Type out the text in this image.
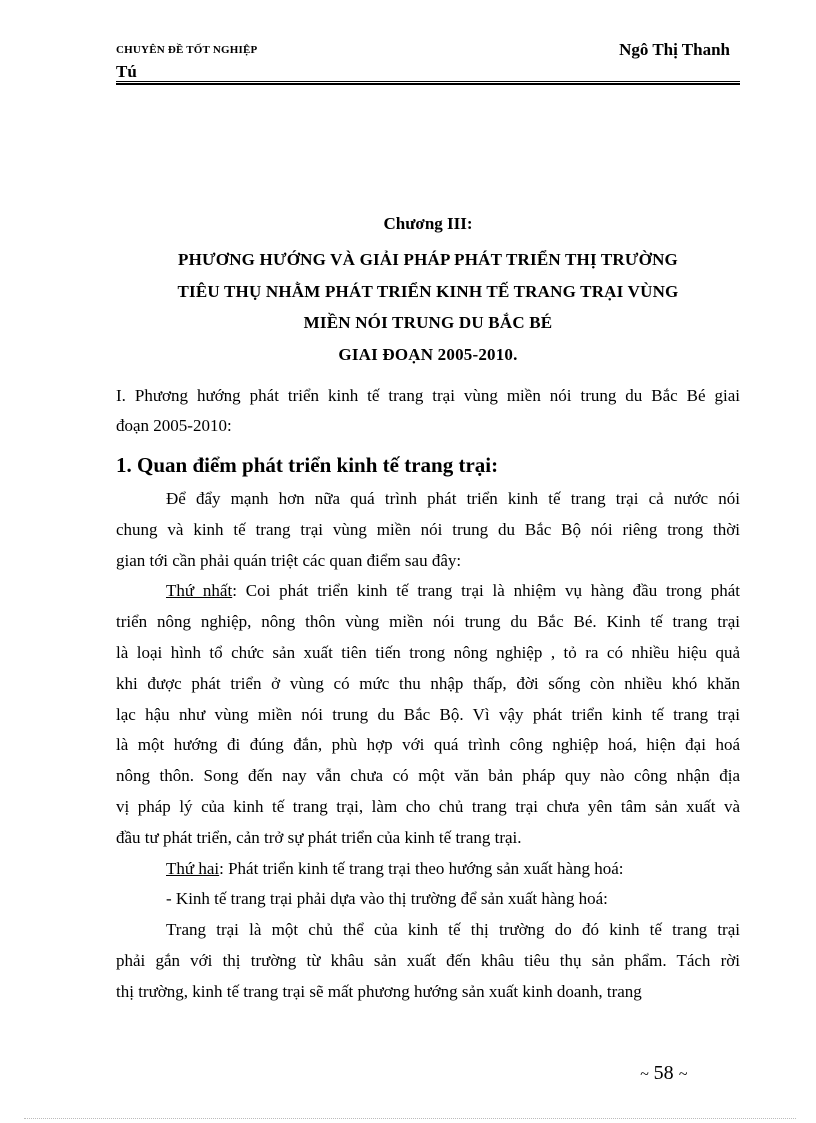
CHUYÊN ĐỀ TỐT NGHIỆP	Ngô Thị Thanh
Tú
Chương III:
PHƯƠNG HƯỚNG VÀ GIẢI PHÁP PHÁT TRIỂN THỊ TRƯỜNG
TIÊU THỤ NHẰM PHÁT TRIỂN KINH TẾ TRANG TRẠI VÙNG
MIỀN NÓI TRUNG DU BẮC BÉ
GIAI ĐOẠN 2005-2010.
I. Phương hướng phát triển kinh tế trang trại vùng miền nói trung du Bắc Bé giai
đoạn 2005-2010:
1. Quan điểm phát triển kinh tế trang trại:
Để đẩy mạnh hơn nữa quá trình phát triển kinh tế trang trại cả nước nói
chung và kinh tế trang trại vùng miền nói trung du Bắc Bộ nói riêng trong thời
gian tới cần phải quán triệt các quan điểm sau đây:
Thứ nhất: Coi phát triển kinh tế trang trại là nhiệm vụ hàng đầu trong phát
triển nông nghiệp, nông thôn vùng miền nói trung du Bắc Bé. Kinh tế trang trại
là loại hình tổ chức sản xuất tiên tiến trong nông nghiệp , tỏ ra có nhiều hiệu quả
khi được phát triển ở vùng có mức thu nhập thấp, đời sống còn nhiều khó khăn
lạc hậu như vùng miền nói trung du Bắc Bộ. Vì vậy phát triển kinh tế trang trại
là một hướng đi đúng đắn, phù hợp với quá trình công nghiệp hoá, hiện đại hoá
nông thôn. Song đến nay vẫn chưa có một văn bản pháp quy nào công nhận địa
vị pháp lý của kinh tế trang trại, làm cho chủ trang trại chưa yên tâm sản xuất và
đầu tư phát triển, cản trở sự phát triển của kinh tế trang trại.
Thứ hai: Phát triển kinh tế trang trại theo hướng sản xuất hàng hoá:
- Kinh tế trang trại phải dựa vào thị trường để sản xuất hàng hoá:
Trang trại là một chủ thể của kinh tế thị trường do đó kinh tế trang trại
phải gắn với thị trường từ khâu sản xuất đến khâu tiêu thụ sản phẩm. Tách rời
thị trường, kinh tế trang trại sẽ mất phương hướng sản xuất kinh doanh, trang
~ 58 ~
